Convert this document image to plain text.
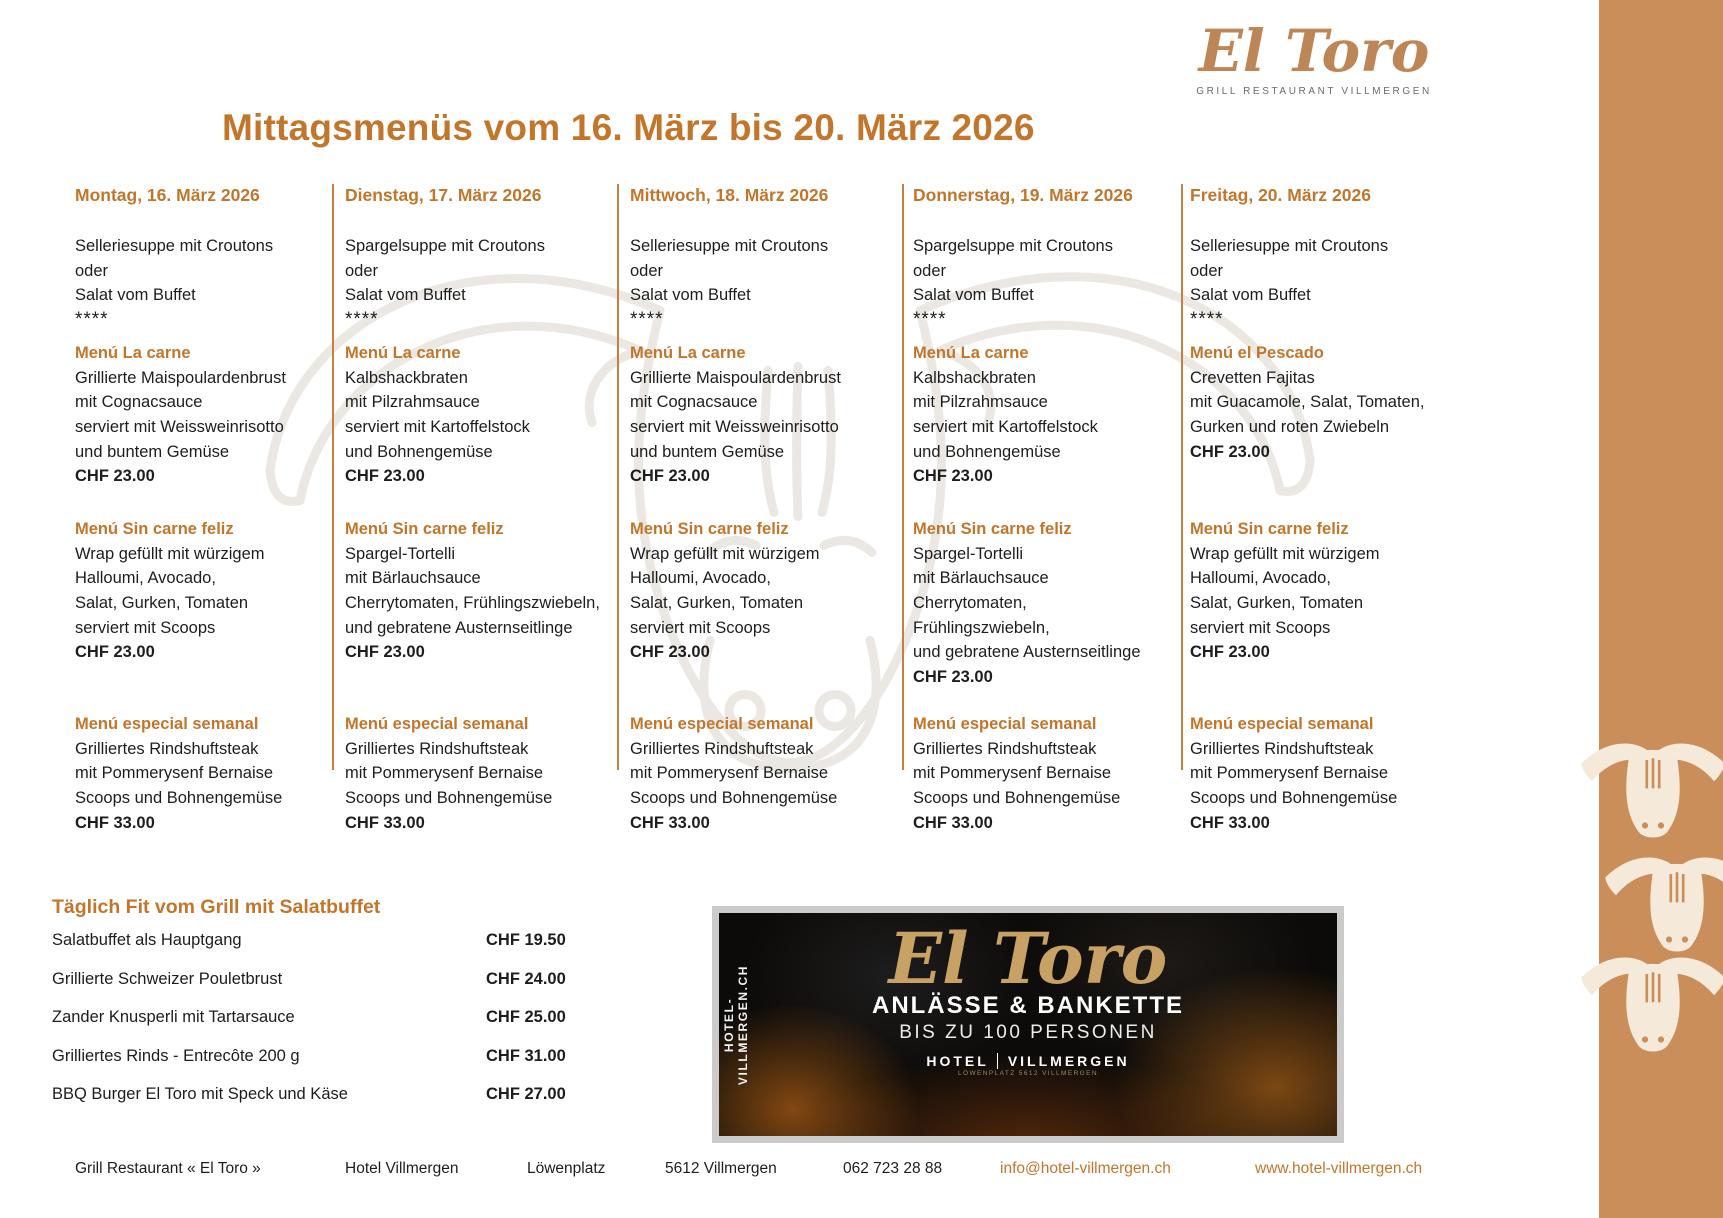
Mittagsmenüs vom 16. März bis 20. März 2026
El Toro
GRILL RESTAURANT VILLMERGEN
Montag, 16. März 2026
Selleriesuppe mit Croutons
oder
Salat vom Buffet
****
Menú La carne
Grillierte Maispoulardenbrust
mit Cognacsauce
serviert mit Weissweinrisotto
und buntem Gemüse
CHF 23.00
Menú Sin carne feliz
Wrap gefüllt mit würzigem
Halloumi, Avocado,
Salat, Gurken, Tomaten
serviert mit Scoops
CHF 23.00
Menú especial semanal
Grilliertes Rindshuftsteak
mit Pommerysenf Bernaise
Scoops und Bohnengemüse
CHF 33.00
Dienstag, 17. März 2026
Spargelsuppe mit Croutons
oder
Salat vom Buffet
****
Menú La carne
Kalbshackbraten
mit Pilzrahmsauce
serviert mit Kartoffelstock
und Bohnengemüse
CHF 23.00
Menú Sin carne feliz
Spargel-Tortelli
mit Bärlauchsauce
Cherrytomaten, Frühlingszwiebeln,
und gebratene Austernseitlinge
CHF 23.00
Menú especial semanal
Grilliertes Rindshuftsteak
mit Pommerysenf Bernaise
Scoops und Bohnengemüse
CHF 33.00
Mittwoch, 18. März 2026
Selleriesuppe mit Croutons
oder
Salat vom Buffet
****
Menú La carne
Grillierte Maispoulardenbrust
mit Cognacsauce
serviert mit Weissweinrisotto
und buntem Gemüse
CHF 23.00
Menú Sin carne feliz
Wrap gefüllt mit würzigem
Halloumi, Avocado,
Salat, Gurken, Tomaten
serviert mit Scoops
CHF 23.00
Menú especial semanal
Grilliertes Rindshuftsteak
mit Pommerysenf Bernaise
Scoops und Bohnengemüse
CHF 33.00
Donnerstag, 19. März 2026
Spargelsuppe mit Croutons
oder
Salat vom Buffet
****
Menú La carne
Kalbshackbraten
mit Pilzrahmsauce
serviert mit Kartoffelstock
und Bohnengemüse
CHF 23.00
Menú Sin carne feliz
Spargel-Tortelli
mit Bärlauchsauce
Cherrytomaten,
Frühlingszwiebeln,
und gebratene Austernseitlinge
CHF 23.00
Menú especial semanal
Grilliertes Rindshuftsteak
mit Pommerysenf Bernaise
Scoops und Bohnengemüse
CHF 33.00
Freitag, 20. März 2026
Selleriesuppe mit Croutons
oder
Salat vom Buffet
****
Menú el Pescado
Crevetten Fajitas
mit Guacamole, Salat, Tomaten,
Gurken und roten Zwiebeln
CHF 23.00
Menú Sin carne feliz
Wrap gefüllt mit würzigem
Halloumi, Avocado,
Salat, Gurken, Tomaten
serviert mit Scoops
CHF 23.00
Menú especial semanal
Grilliertes Rindshuftsteak
mit Pommerysenf Bernaise
Scoops und Bohnengemüse
CHF 33.00
Täglich Fit vom Grill mit Salatbuffet
Salatbuffet als Hauptgang	CHF 19.50
Grillierte Schweizer Pouletbrust	CHF 24.00
Zander Knusperli mit Tartarsauce	CHF 25.00
Grilliertes Rinds - Entrecôte 200 g	CHF 31.00
BBQ Burger El Toro mit Speck und Käse	CHF 27.00
HOTEL-VILLMERGEN.CH
El Toro
ANLÄSSE & BANKETTE
BIS ZU 100 PERSONEN
HOTEL VILLMERGEN
LÖWENPLATZ 5612 VILLMERGEN
Grill Restaurant « El Toro »	Hotel Villmergen	Löwenplatz	5612 Villmergen	062 723 28 88	info@hotel-villmergen.ch	www.hotel-villmergen.ch
